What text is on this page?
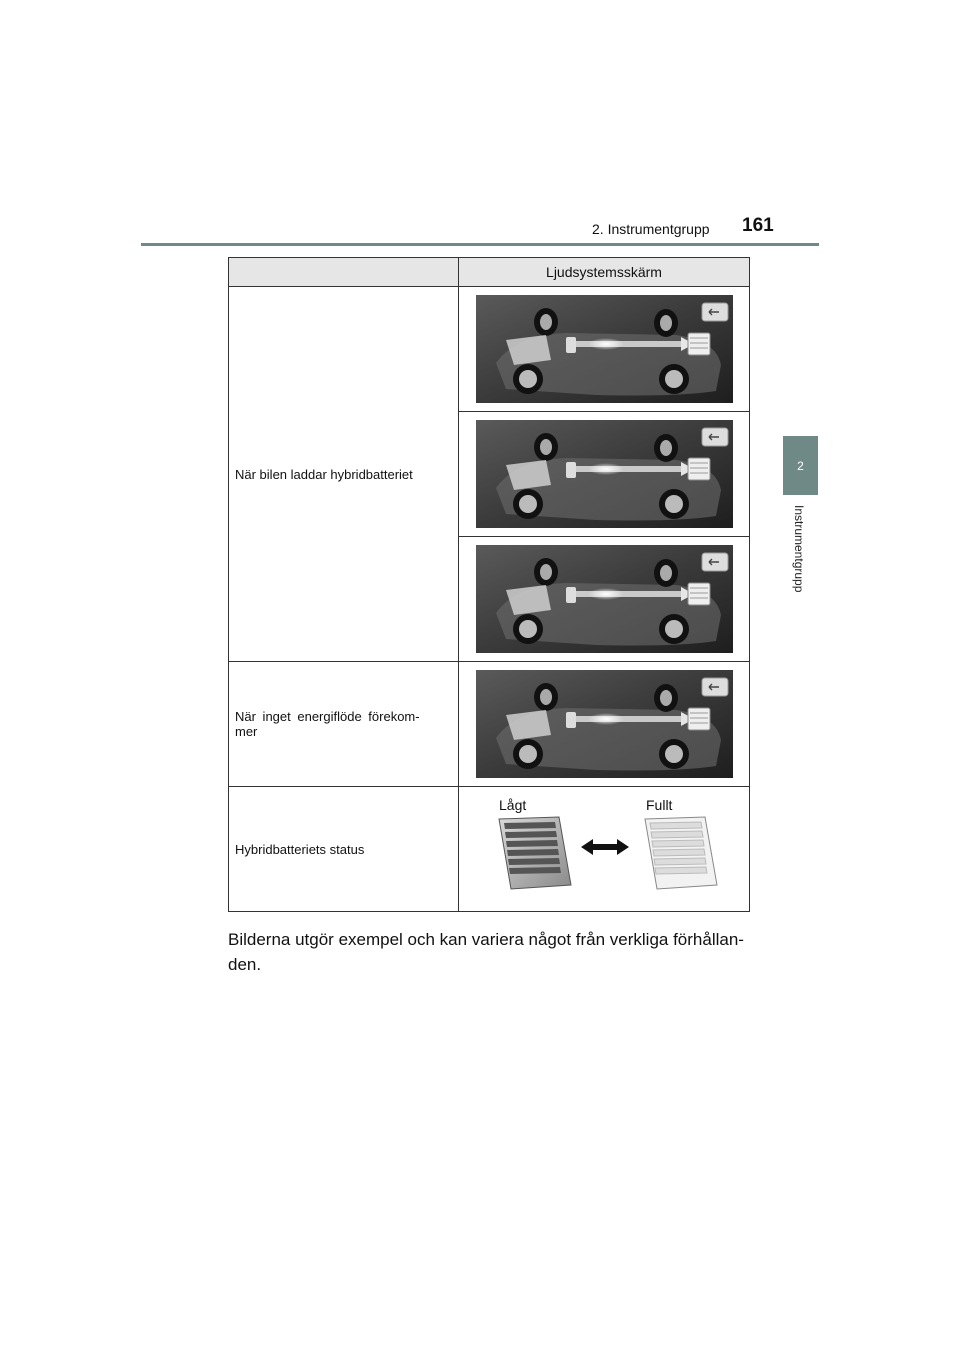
2. Instrumentgrupp 161
2
Instrumentgrupp
	Ljudsystemsskärm
När bilen laddar hybridbatteriet	

När inget energiflöde förekom-
mer	

Hybridbatteriets status	Lågt Fullt
Bilderna utgör exempel och kan variera något från verkliga förhållan-
den.
